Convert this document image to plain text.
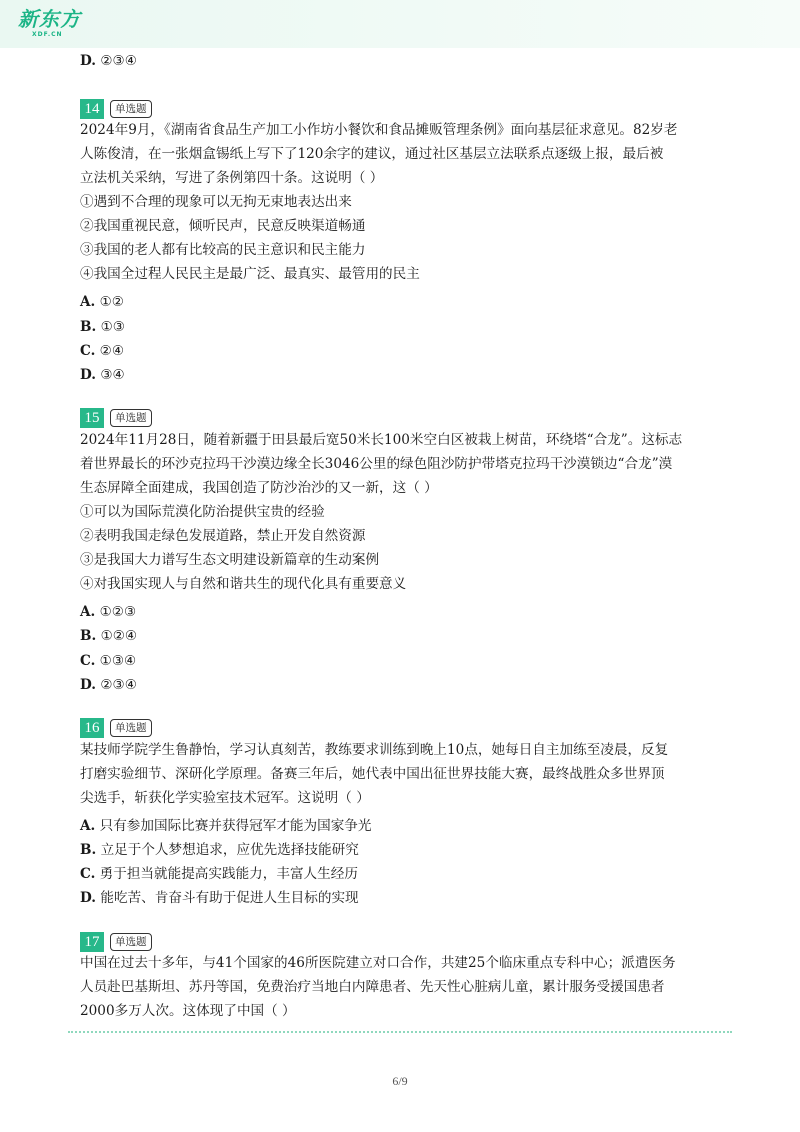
新东方
XDF.CN
D. ②③④
14	单选题
2024年9月，《湖南省食品生产加工小作坊小餐饮和食品摊贩管理条例》面向基层征求意见。82岁老
人陈俊清，在一张烟盒锡纸上写下了120余字的建议，通过社区基层立法联系点逐级上报，最后被
立法机关采纳，写进了条例第四十条。这说明（ ）
①遇到不合理的现象可以无拘无束地表达出来
②我国重视民意，倾听民声，民意反映渠道畅通
③我国的老人都有比较高的民主意识和民主能力
④我国全过程人民民主是最广泛、最真实、最管用的民主
A. ①②
B. ①③
C. ②④
D. ③④
15	单选题
2024年11月28日，随着新疆于田县最后宽50米长100米空白区被栽上树苗，环绕塔“合龙”。这标志
着世界最长的环沙克拉玛干沙漠边缘全长3046公里的绿色阻沙防护带塔克拉玛干沙漠锁边“合龙”漠
生态屏障全面建成，我国创造了防沙治沙的又一新，这（ ）
①可以为国际荒漠化防治提供宝贵的经验
②表明我国走绿色发展道路，禁止开发自然资源
③是我国大力谱写生态文明建设新篇章的生动案例
④对我国实现人与自然和谐共生的现代化具有重要意义
A. ①②③
B. ①②④
C. ①③④
D. ②③④
16	单选题
某技师学院学生鲁静怡，学习认真刻苦，教练要求训练到晚上10点，她每日自主加练至凌晨，反复
打磨实验细节、深研化学原理。备赛三年后，她代表中国出征世界技能大赛，最终战胜众多世界顶
尖选手，斩获化学实验室技术冠军。这说明（ ）
A. 只有参加国际比赛并获得冠军才能为国家争光
B. 立足于个人梦想追求，应优先选择技能研究
C. 勇于担当就能提高实践能力，丰富人生经历
D. 能吃苦、肯奋斗有助于促进人生目标的实现
17	单选题
中国在过去十多年，与41个国家的46所医院建立对口合作，共建25个临床重点专科中心；派遣医务
人员赴巴基斯坦、苏丹等国，免费治疗当地白内障患者、先天性心脏病儿童，累计服务受援国患者
2000多万人次。这体现了中国（ ）
6/9
